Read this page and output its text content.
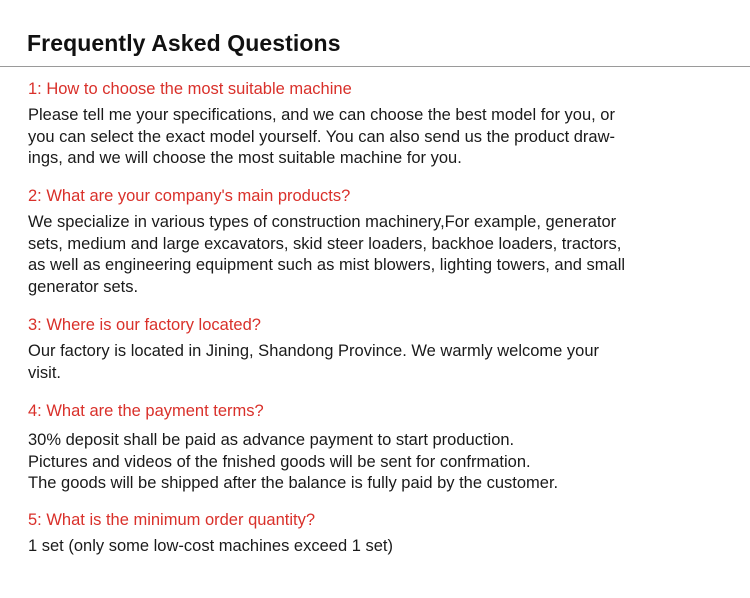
Frequently Asked Questions
1: How to choose the most suitable machine
Please tell me your specifications, and we can choose the best model for you, or
you can select the exact model yourself. You can also send us the product draw-
ings, and we will choose the most suitable machine for you.
2: What are your company's main products?
We specialize in various types of construction machinery,For example, generator
sets, medium and large excavators, skid steer loaders, backhoe loaders, tractors,
as well as engineering equipment such as mist blowers, lighting towers, and small
generator sets.
3: Where is our factory located?
Our factory is located in Jining, Shandong Province. We warmly welcome your
visit.
4: What are the payment terms?
30% deposit shall be paid as advance payment to start production.
Pictures and videos of the fnished goods will be sent for confrmation.
The goods will be shipped after the balance is fully paid by the customer.
5: What is the minimum order quantity?
1 set (only some low-cost machines exceed 1 set)
